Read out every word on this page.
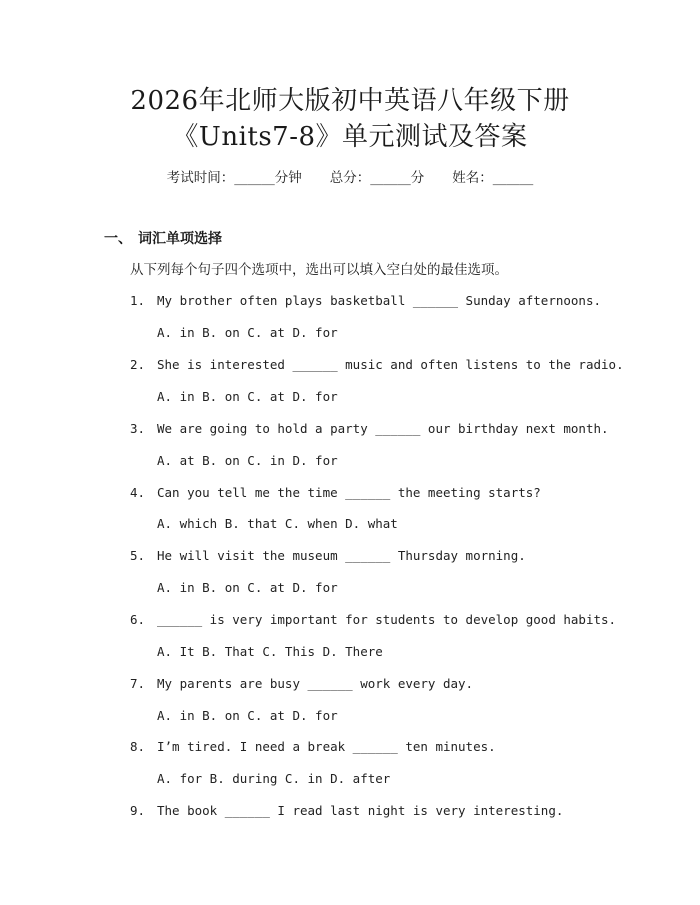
2026年北师大版初中英语八年级下册
《Units7-8》单元测试及答案
考试时间：______分钟 总分：______分 姓名：______
一、 词汇单项选择
从下列每个句子四个选项中，选出可以填入空白处的最佳选项。
1. My brother often plays basketball ______ Sunday afternoons.
A. in B. on C. at D. for
2. She is interested ______ music and often listens to the radio.
A. in B. on C. at D. for
3. We are going to hold a party ______ our birthday next month.
A. at B. on C. in D. for
4. Can you tell me the time ______ the meeting starts?
A. which B. that C. when D. what
5. He will visit the museum ______ Thursday morning.
A. in B. on C. at D. for
6. ______ is very important for students to develop good habits.
A. It B. That C. This D. There
7. My parents are busy ______ work every day.
A. in B. on C. at D. for
8. I’m tired. I need a break ______ ten minutes.
A. for B. during C. in D. after
9. The book ______ I read last night is very interesting.
